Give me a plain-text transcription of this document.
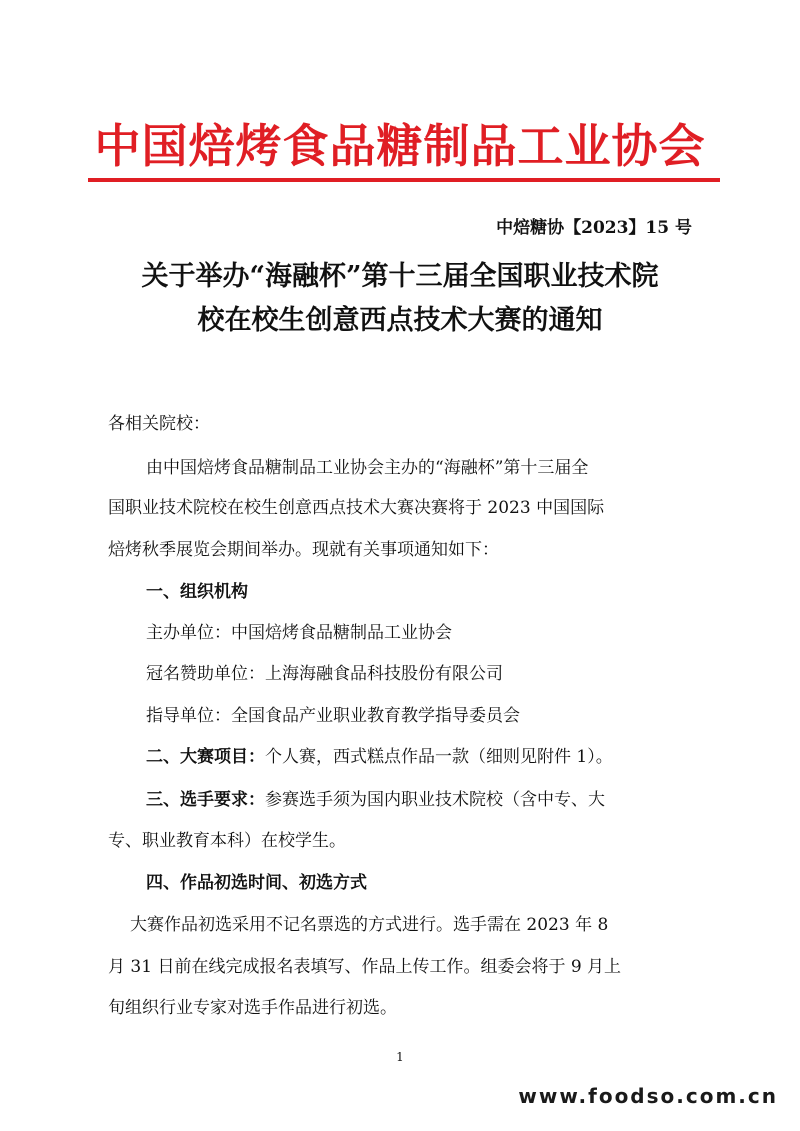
中国焙烤食品糖制品工业协会
中焙糖协【2023】15 号
关于举办“海融杯”第十三届全国职业技术院
校在校生创意西点技术大赛的通知
各相关院校：
由中国焙烤食品糖制品工业协会主办的“海融杯”第十三届全
国职业技术院校在校生创意西点技术大赛决赛将于 2023 中国国际
焙烤秋季展览会期间举办。现就有关事项通知如下：
一、组织机构
主办单位：中国焙烤食品糖制品工业协会
冠名赞助单位：上海海融食品科技股份有限公司
指导单位：全国食品产业职业教育教学指导委员会
二、大赛项目：个人赛，西式糕点作品一款（细则见附件 1）。
三、选手要求：参赛选手须为国内职业技术院校（含中专、大
专、职业教育本科）在校学生。
四、作品初选时间、初选方式
大赛作品初选采用不记名票选的方式进行。选手需在 2023 年 8
月 31 日前在线完成报名表填写、作品上传工作。组委会将于 9 月上
旬组织行业专家对选手作品进行初选。
1
www.foodso.com.cn
